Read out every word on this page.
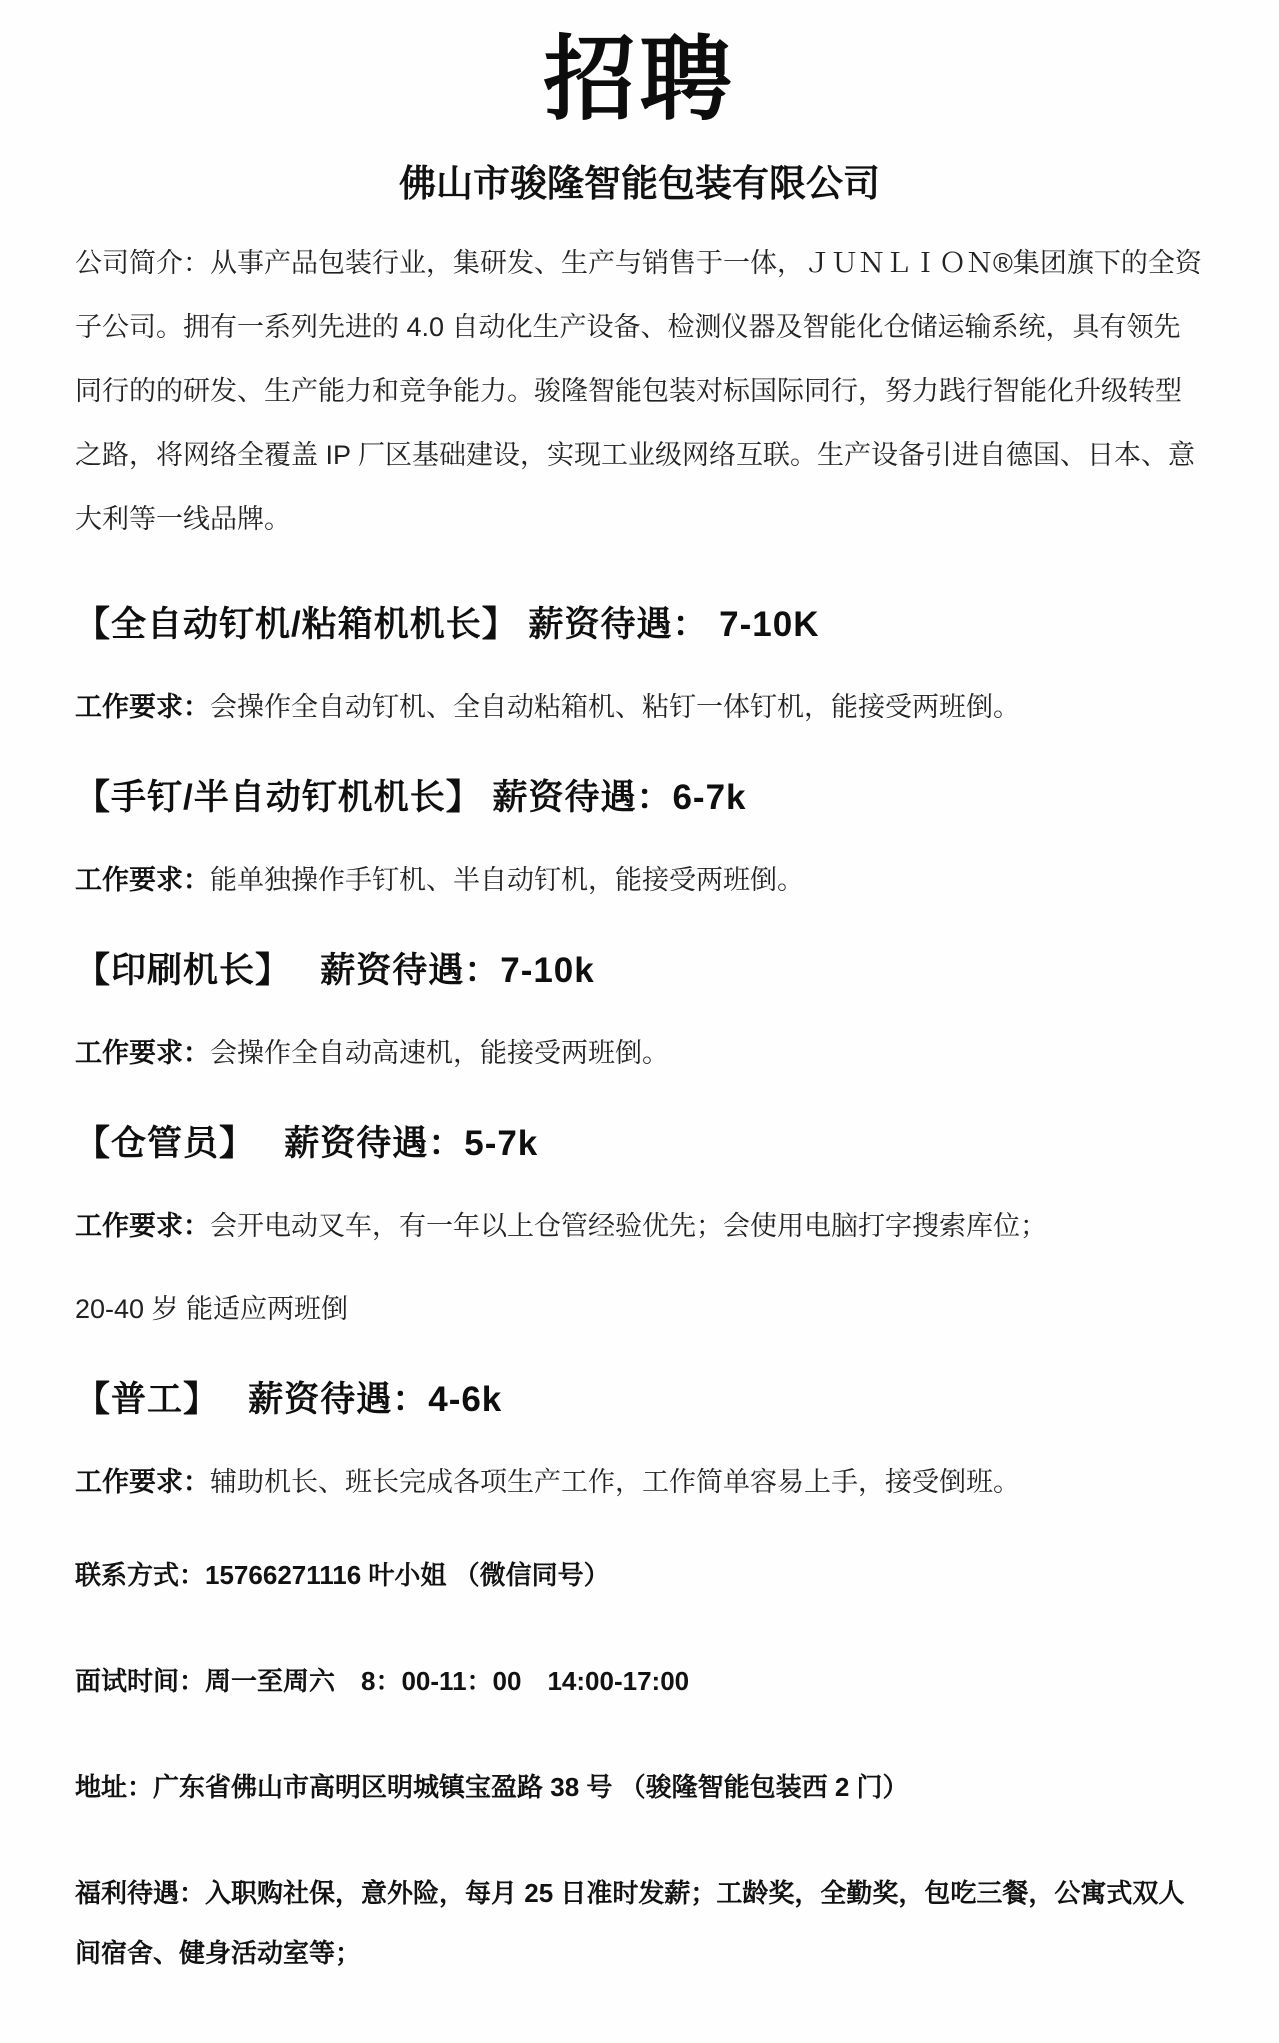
招聘
佛山市骏隆智能包装有限公司

公司简介：从事产品包装行业，集研发、生产与销售于一体，ＪＵＮＬＩＯＮ®集团旗下的全资子公司。拥有一系列先进的 4.0 自动化生产设备、检测仪器及智能化仓储运输系统，具有领先同行的的研发、生产能力和竞争能力。骏隆智能包装对标国际同行，努力践行智能化升级转型之路，将网络全覆盖 IP 厂区基础建设，实现工业级网络互联。生产设备引进自德国、日本、意大利等一线品牌。

【全自动钉机/粘箱机机长】 薪资待遇： 7-10K

工作要求：会操作全自动钉机、全自动粘箱机、粘钉一体钉机，能接受两班倒。

【手钉/半自动钉机机长】 薪资待遇：6-7k

工作要求：能单独操作手钉机、半自动钉机，能接受两班倒。

【印刷机长】　 薪资待遇：7-10k

工作要求：会操作全自动高速机，能接受两班倒。

【仓管员】　 薪资待遇：5-7k

工作要求：会开电动叉车，有一年以上仓管经验优先；会使用电脑打字搜索库位；

20-40 岁 能适应两班倒

【普工】　 薪资待遇：4-6k

工作要求：辅助机长、班长完成各项生产工作，工作简单容易上手，接受倒班。

联系方式：15766271116 叶小姐 （微信同号）

面试时间：周一至周六　8：00-11：00　14:00-17:00

地址：广东省佛山市高明区明城镇宝盈路 38 号 （骏隆智能包装西 2 门）

福利待遇：入职购社保，意外险，每月 25 日准时发薪；工龄奖，全勤奖，包吃三餐，公寓式双人间宿舍、健身活动室等；
